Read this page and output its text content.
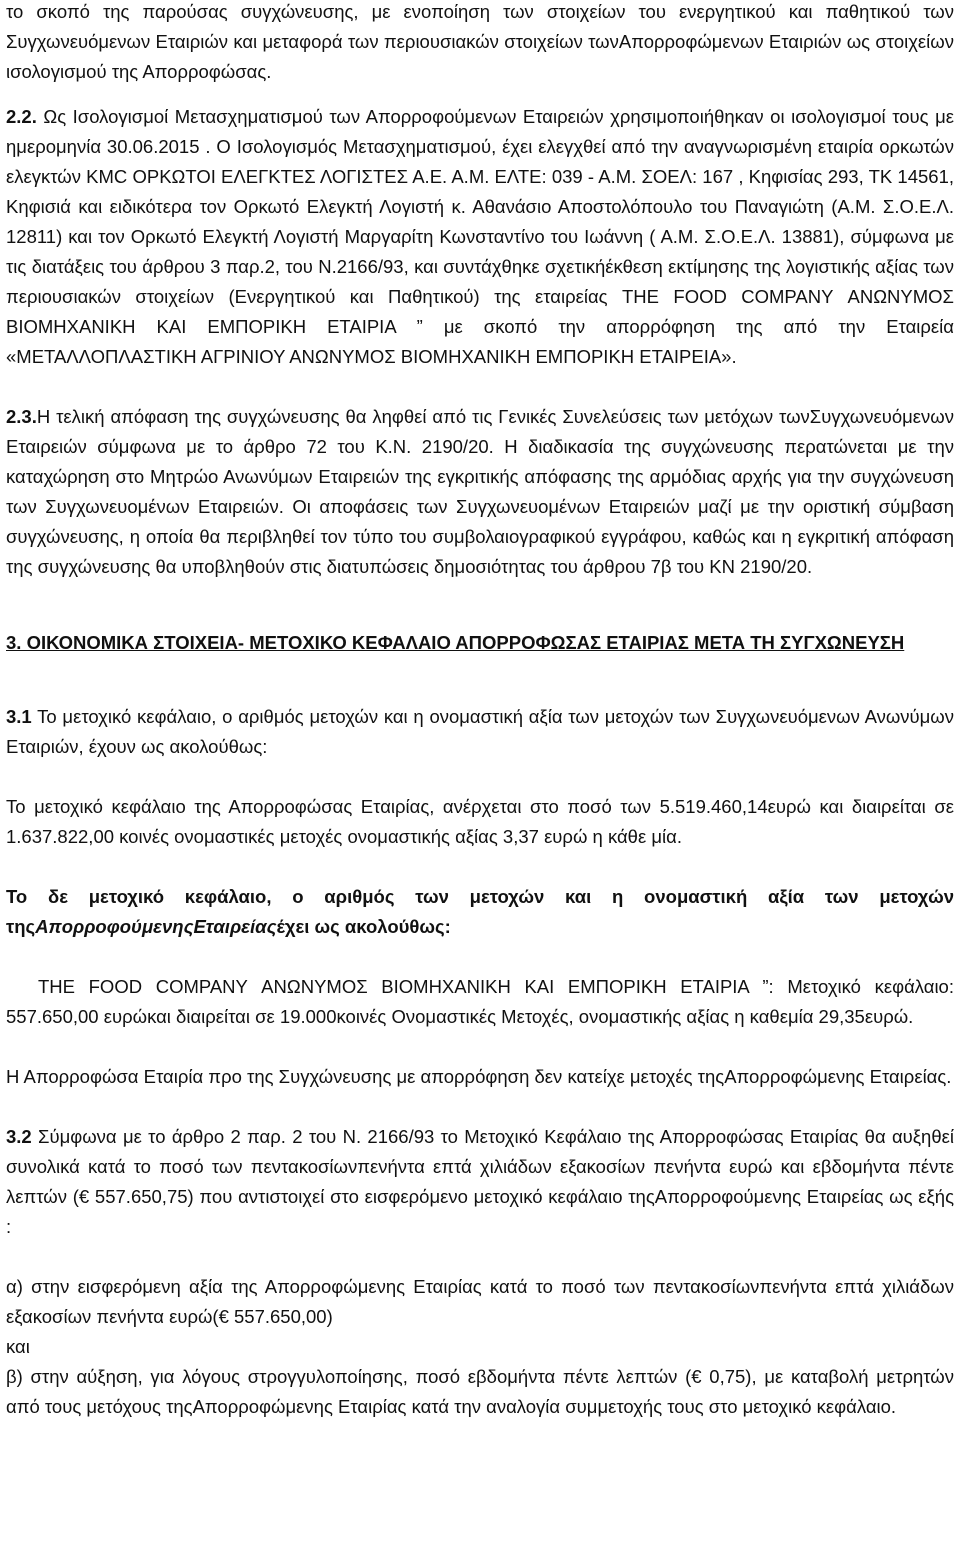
το σκοπό της παρούσας συγχώνευσης, με ενοποίηση των στοιχείων του ενεργητικού και παθητικού των Συγχωνευόμενων Εταιριών και μεταφορά των περιουσιακών στοιχείων τωνΑπορροφώμενων Εταιριών ως στοιχείων ισολογισμού της Απορροφώσας.

2.2. Ως Ισολογισμοί Μετασχηματισμού των Απορροφούμενων Εταιρειών χρησιμοποιήθηκαν οι ισολογισμοί τους με ημερομηνία 30.06.2015 . Ο Ισολογισμός Μετασχηματισμού, έχει ελεγχθεί από την αναγνωρισμένη εταιρία ορκωτών ελεγκτών ΚΜC ΟΡΚΩΤΟΙ ΕΛΕΓΚΤΕΣ ΛΟΓΙΣΤΕΣ Α.Ε. Α.Μ. ΕΛΤΕ: 039 - Α.Μ. ΣΟΕΛ: 167 , Κηφισίας 293, ΤΚ 14561, Κηφισιά και ειδικότερα τον Ορκωτό Ελεγκτή Λογιστή κ. Αθανάσιο Αποστολόπουλο του Παναγιώτη (Α.Μ. Σ.Ο.Ε.Λ. 12811) και τον Ορκωτό Ελεγκτή Λογιστή Μαργαρίτη Κωνσταντίνο του Ιωάννη ( Α.Μ. Σ.Ο.Ε.Λ. 13881), σύμφωνα με τις διατάξεις του άρθρου 3 παρ.2, του Ν.2166/93, και συντάχθηκε σχετικήέκθεση εκτίμησης της λογιστικής αξίας των περιουσιακών στοιχείων (Ενεργητικού και Παθητικού) της εταιρείας THE FOOD COMPANY ΑΝΩΝΥΜΟΣ ΒΙΟΜΗΧΑΝΙΚΗ ΚΑΙ ΕΜΠΟΡΙΚΗ ΕΤΑΙΡΙΑ ” με σκοπό την απορρόφηση της από την Εταιρεία «ΜΕΤΑΛΛΟΠΛΑΣΤΙΚΗ ΑΓΡΙΝΙΟΥ ΑΝΩΝΥΜΟΣ ΒΙΟΜΗΧΑΝΙΚΗ ΕΜΠΟΡΙΚΗ ΕΤΑΙΡΕΙΑ».

2.3.Η τελική απόφαση της συγχώνευσης θα ληφθεί από τις Γενικές Συνελεύσεις των μετόχων τωνΣυγχωνευόμενων Εταιρειών σύμφωνα με το άρθρο 72 του Κ.Ν. 2190/20. Η διαδικασία της συγχώνευσης περατώνεται με την καταχώρηση στο Μητρώο Ανωνύμων Εταιρειών της εγκριτικής απόφασης της αρμόδιας αρχής για την συγχώνευση των Συγχωνευομένων Εταιρειών. Οι αποφάσεις των Συγχωνευομένων Εταιρειών μαζί με την οριστική σύμβαση συγχώνευσης, η οποία θα περιβληθεί τον τύπο του συμβολαιογραφικού εγγράφου, καθώς και η εγκριτική απόφαση της συγχώνευσης θα υποβληθούν στις διατυπώσεις δημοσιότητας του άρθρου 7β του ΚΝ 2190/20.

3. ΟΙΚΟΝΟΜΙΚΑ ΣΤΟΙΧΕΙΑ- ΜΕΤΟΧΙΚΟ ΚΕΦΑΛΑΙΟ ΑΠΟΡΡΟΦΩΣΑΣ ΕΤΑΙΡΙΑΣ ΜΕΤΑ ΤΗ ΣΥΓΧΩΝΕΥΣΗ

3.1 Το μετοχικό κεφάλαιο, ο αριθμός μετοχών και η ονομαστική αξία των μετοχών των Συγχωνευόμενων Ανωνύμων Εταιριών, έχουν ως ακολούθως:

Το μετοχικό κεφάλαιο της Απορροφώσας Εταιρίας, ανέρχεται στο ποσό των 5.519.460,14ευρώ και διαιρείται σε 1.637.822,00 κοινές ονομαστικές μετοχές ονομαστικής αξίας 3,37 ευρώ η κάθε μία.

Το δε μετοχικό κεφάλαιο, ο αριθμός των μετοχών και η ονομαστική αξία των μετοχών τηςΑπορροφούμενηςΕταιρείαςέχει ως ακολούθως:

THE FOOD COMPANY ΑΝΩΝΥΜΟΣ ΒΙΟΜΗΧΑΝΙΚΗ ΚΑΙ ΕΜΠΟΡΙΚΗ ΕΤΑΙΡΙΑ ”: Μετοχικό κεφάλαιο: 557.650,00 ευρώκαι διαιρείται σε 19.000κοινές Ονομαστικές Μετοχές, ονομαστικής αξίας η καθεμία 29,35ευρώ.

Η Απορροφώσα Εταιρία προ της Συγχώνευσης με απορρόφηση δεν κατείχε μετοχές τηςΑπορροφώμενης Εταιρείας.

3.2 Σύμφωνα με το άρθρο 2 παρ. 2 του Ν. 2166/93 το Μετοχικό Κεφάλαιο της Απορροφώσας Εταιρίας θα αυξηθεί συνολικά κατά το ποσό των πεντακοσίωνπενήντα επτά χιλιάδων εξακοσίων πενήντα ευρώ και εβδομήντα πέντε λεπτών (€ 557.650,75) που αντιστοιχεί στο εισφερόμενο μετοχικό κεφάλαιο τηςΑπορροφούμενης Εταιρείας ως εξής :

α) στην εισφερόμενη αξία της Απορροφώμενης Εταιρίας κατά το ποσό των πεντακοσίωνπενήντα επτά χιλιάδων εξακοσίων πενήντα ευρώ(€ 557.650,00)

και

β) στην αύξηση, για λόγους στρογγυλοποίησης, ποσό εβδομήντα πέντε λεπτών (€ 0,75), με καταβολή μετρητών από τους μετόχους τηςΑπορροφώμενης Εταιρίας κατά την αναλογία συμμετοχής τους στο μετοχικό κεφάλαιο.
